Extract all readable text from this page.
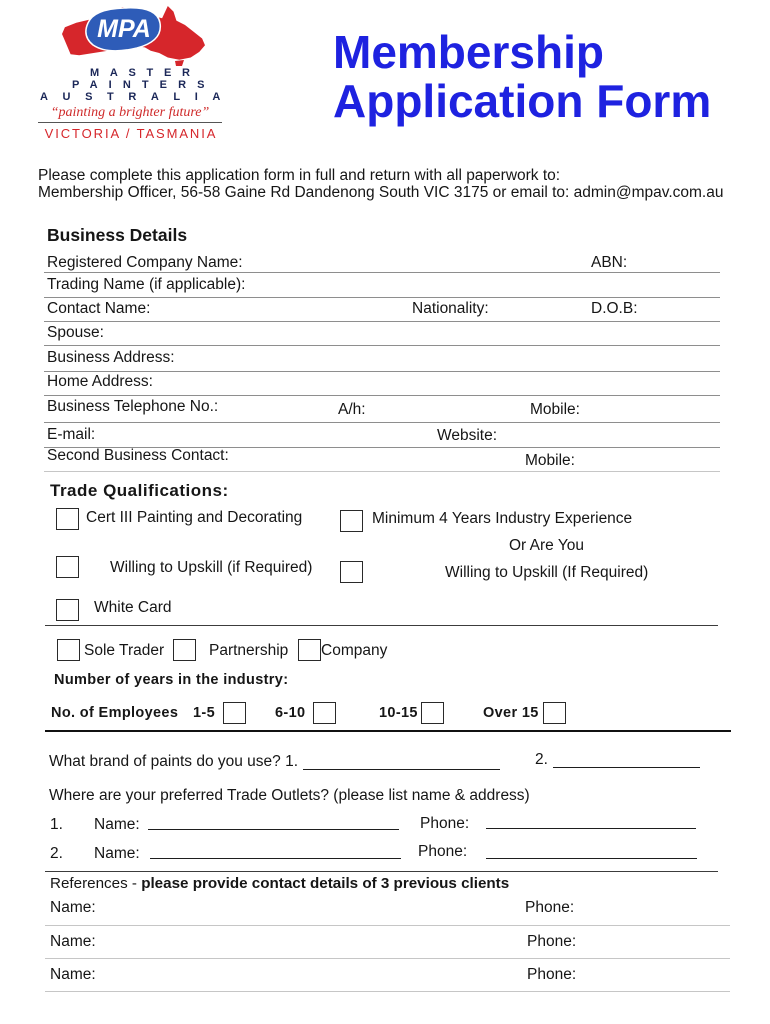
MPA
MASTER
PAINTERS
AUSTRALIA
“painting a brighter future”
VICTORIA / TASMANIA
Membership
Application Form
Please complete this application form in full and return with all paperwork to:
Membership Officer, 56-58 Gaine Rd Dandenong South VIC 3175 or email to: admin@mpav.com.au
Business Details
Registered Company Name:	ABN:
Trading Name (if applicable):
Contact Name:	Nationality:	D.O.B:
Spouse:
Business Address:
Home Address:
Business Telephone No.:	A/h:	Mobile:
E-mail:	Website:
Second Business Contact:	Mobile:
Trade Qualifications:
Cert III Painting and Decorating	Minimum 4 Years Industry Experience
Or Are You
Willing to Upskill (if Required)	Willing to Upskill (If Required)
White Card
Sole Trader	Partnership Company
Number of years in the industry:
No. of Employees 1-5	6-10	10-15	Over 15
What brand of paints do you use? 1.	2.
Where are your preferred Trade Outlets? (please list name & address)
1. Name:	Phone:
2. Name:	Phone:
References - please provide contact details of 3 previous clients
Name:	Phone:
Name:	Phone:
Name:	Phone:
